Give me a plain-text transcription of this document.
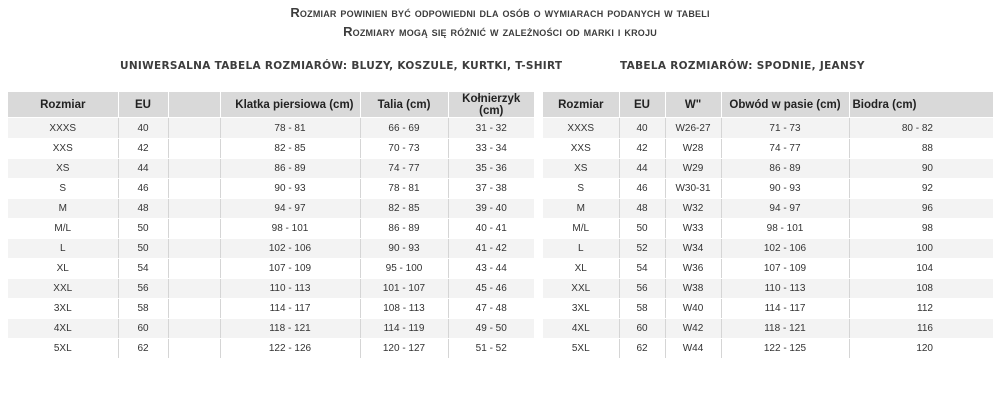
Rozmiar powinien być odpowiedni dla osób o wymiarach podanych w tabeli
Rozmiary mogą się różnić w zależności od marki i kroju
UNIWERSALNA TABELA ROZMIARÓW: BLUZY, KOSZULE, KURTKI, T-SHIRT	TABELA ROZMIARÓW: SPODNIE, JEANSY
Rozmiar	EU		Klatka piersiowa (cm)	Talia (cm)	Kołnierzyk (cm)
XXXS	40		78 - 81	66 - 69	31 - 32
XXS	42		82 - 85	70 - 73	33 - 34
XS	44		86 - 89	74 - 77	35 - 36
S	46		90 - 93	78 - 81	37 - 38
M	48		94 - 97	82 - 85	39 - 40
M/L	50		98 - 101	86 - 89	40 - 41
L	50		102 - 106	90 - 93	41 - 42
XL	54		107 - 109	95 - 100	43 - 44
XXL	56		110 - 113	101 - 107	45 - 46
3XL	58		114 - 117	108 - 113	47 - 48
4XL	60		118 - 121	114 - 119	49 - 50
5XL	62		122 - 126	120 - 127	51 - 52
Rozmiar	EU	W"	Obwód w pasie (cm)	Biodra (cm)
XXXS	40	W26-27	71 - 73	80 - 82
XXS	42	W28	74 - 77	88
XS	44	W29	86 - 89	90
S	46	W30-31	90 - 93	92
M	48	W32	94 - 97	96
M/L	50	W33	98 - 101	98
L	52	W34	102 - 106	100
XL	54	W36	107 - 109	104
XXL	56	W38	110 - 113	108
3XL	58	W40	114 - 117	112
4XL	60	W42	118 - 121	116
5XL	62	W44	122 - 125	120
